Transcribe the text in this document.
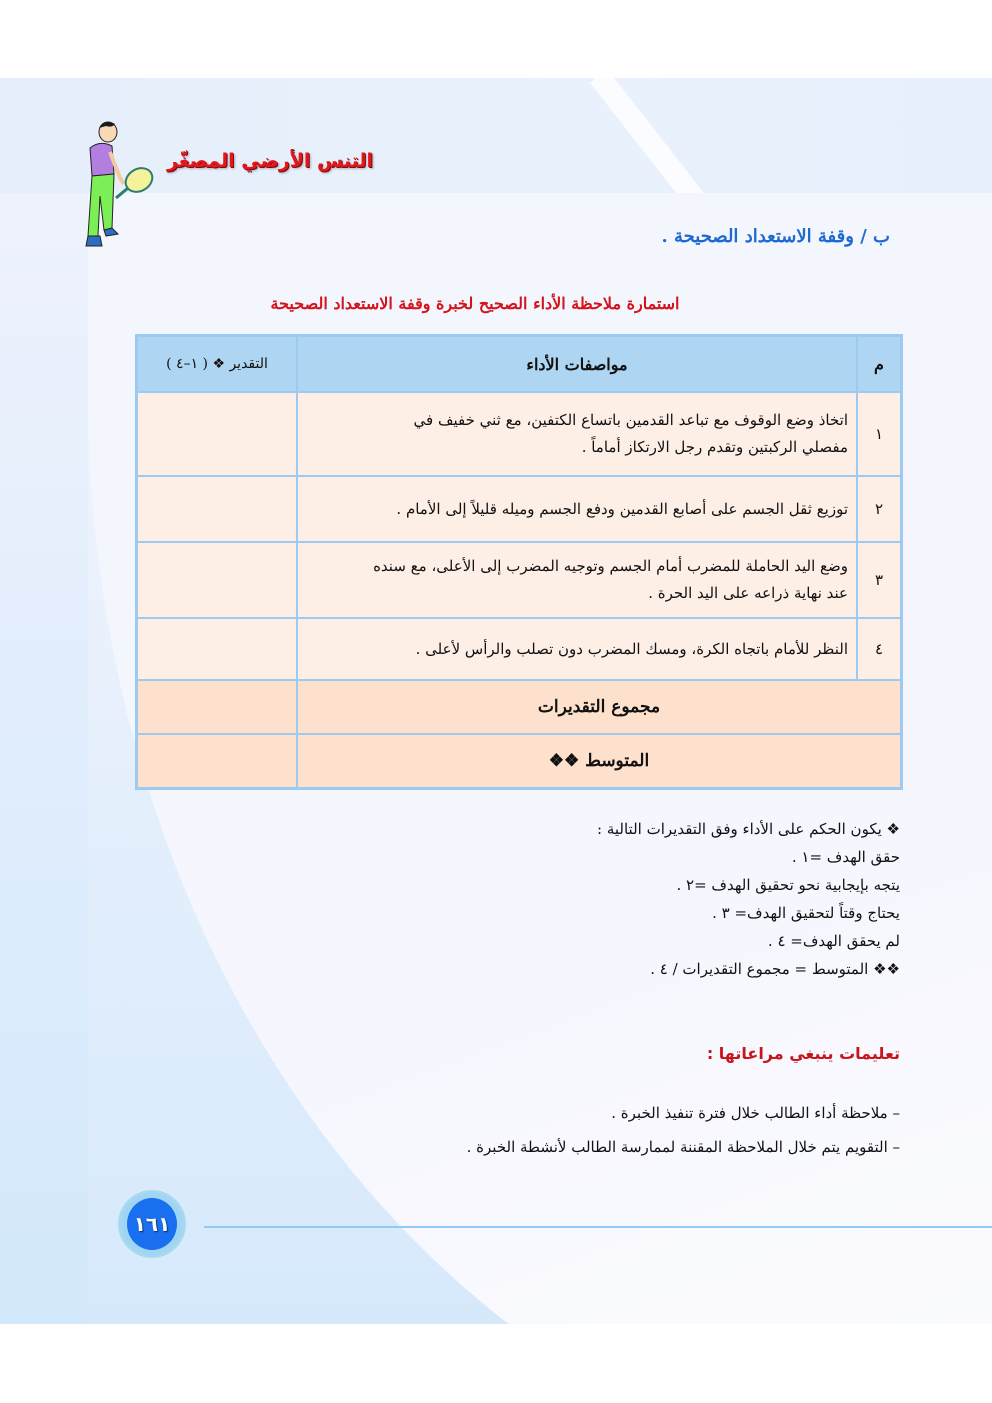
التنس الأرضي المصغّر
ب / وقفة الاستعداد الصحيحة .
استمارة ملاحظة الأداء الصحيح لخبرة وقفة الاستعداد الصحيحة
م	مواصفات الأداء	التقدير ❖ ( ١–٤ )
١	اتخاذ وضع الوقوف مع تباعد القدمين باتساع الكتفين، مع ثني خفيف في
مفصلي الركبتين وتقدم رجل الارتكاز أماماً .	

٢	توزيع ثقل الجسم على أصابع القدمين ودفع الجسم وميله قليلاً إلى الأمام .	

٣	وضع اليد الحاملة للمضرب أمام الجسم وتوجيه المضرب إلى الأعلى، مع سنده
عند نهاية ذراعه على اليد الحرة .	

٤	النظر للأمام باتجاه الكرة، ومسك المضرب دون تصلب والرأس لأعلى .	

مجموع التقديرات		
المتوسط ❖❖		
❖ يكون الحكم على الأداء وفق التقديرات التالية :
حقق الهدف =١ .
يتجه بإيجابية نحو تحقيق الهدف =٢ .
يحتاج وقتاً لتحقيق الهدف= ٣ .
لم يحقق الهدف= ٤ .
❖❖ المتوسط = مجموع التقديرات / ٤ .
تعليمات ينبغي مراعاتها :
– ملاحظة أداء الطالب خلال فترة تنفيذ الخبرة .
– التقويم يتم خلال الملاحظة المقننة لممارسة الطالب لأنشطة الخبرة .
١٦١
